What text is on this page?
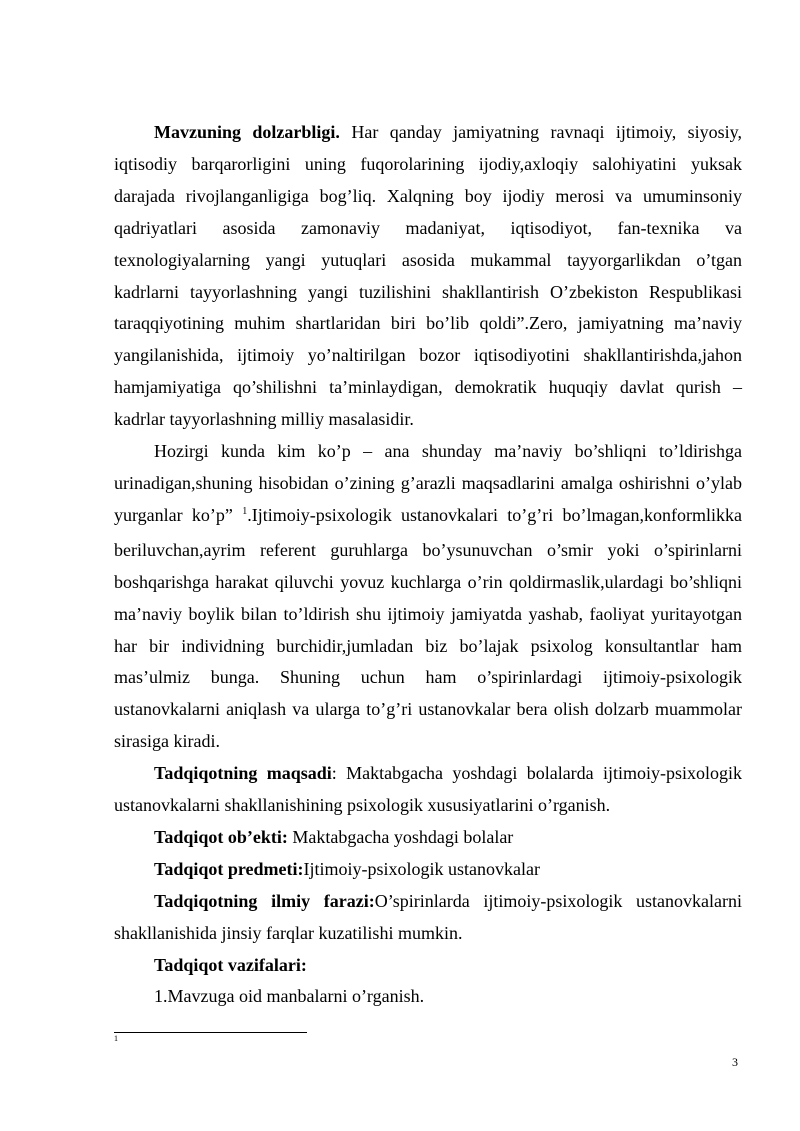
Mavzuning dolzarbligi. Har qanday jamiyatning ravnaqi ijtimoiy, siyosiy, iqtisodiy barqarorligini uning fuqorolarining ijodiy,axloqiy salohiyatini yuksak darajada rivojlanganligiga bog’liq. Xalqning boy ijodiy merosi va umuminsoniy qadriyatlari asosida zamonaviy madaniyat, iqtisodiyot, fan-texnika va texnologiyalarning yangi yutuqlari asosida mukammal tayyorgarlikdan o’tgan kadrlarni tayyorlashning yangi tuzilishini shakllantirish O’zbekiston Respublikasi taraqqiyotining muhim shartlaridan biri bo’lib qoldi”.Zero, jamiyatning ma’naviy yangilanishida, ijtimoiy yo’naltirilgan bozor iqtisodiyotini shakllantirishda,jahon hamjamiyatiga qo’shilishni ta’minlaydigan, demokratik huquqiy davlat qurish – kadrlar tayyorlashning milliy masalasidir.

Hozirgi kunda kim ko’p – ana shunday ma’naviy bo’shliqni to’ldirishga urinadigan,shuning hisobidan o’zining g’arazli maqsadlarini amalga oshirishni o’ylab yurganlar ko’p” $^1$.Ijtimoiy-psixologik ustanovkalari to’g’ri bo’lmagan,konformlikka beriluvchan,ayrim referent guruhlarga bo’ysunuvchan o’smir yoki o’spirinlarni boshqarishga harakat qiluvchi yovuz kuchlarga o’rin qoldirmaslik,ulardagi bo’shliqni ma’naviy boylik bilan to’ldirish shu ijtimoiy jamiyatda yashab, faoliyat yuritayotgan har bir individning burchidir,jumladan biz bo’lajak psixolog konsultantlar ham mas’ulmiz bunga. Shuning uchun ham o’spirinlardagi ijtimoiy-psixologik ustanovkalarni aniqlash va ularga to’g’ri ustanovkalar bera olish dolzarb muammolar sirasiga kiradi.

Tadqiqotning maqsadi: Maktabgacha yoshdagi bolalarda ijtimoiy-psixologik ustanovkalarni shakllanishining psixologik xususiyatlarini o’rganish.

Tadqiqot ob’ekti: Maktabgacha yoshdagi bolalar

Tadqiqot predmeti:Ijtimoiy-psixologik ustanovkalar

Tadqiqotning ilmiy farazi:O’spirinlarda ijtimoiy-psixologik ustanovkalarni shakllanishida jinsiy farqlar kuzatilishi mumkin.

Tadqiqot vazifalari:

1.Mavzuga oid manbalarni o’rganish.

1
3
